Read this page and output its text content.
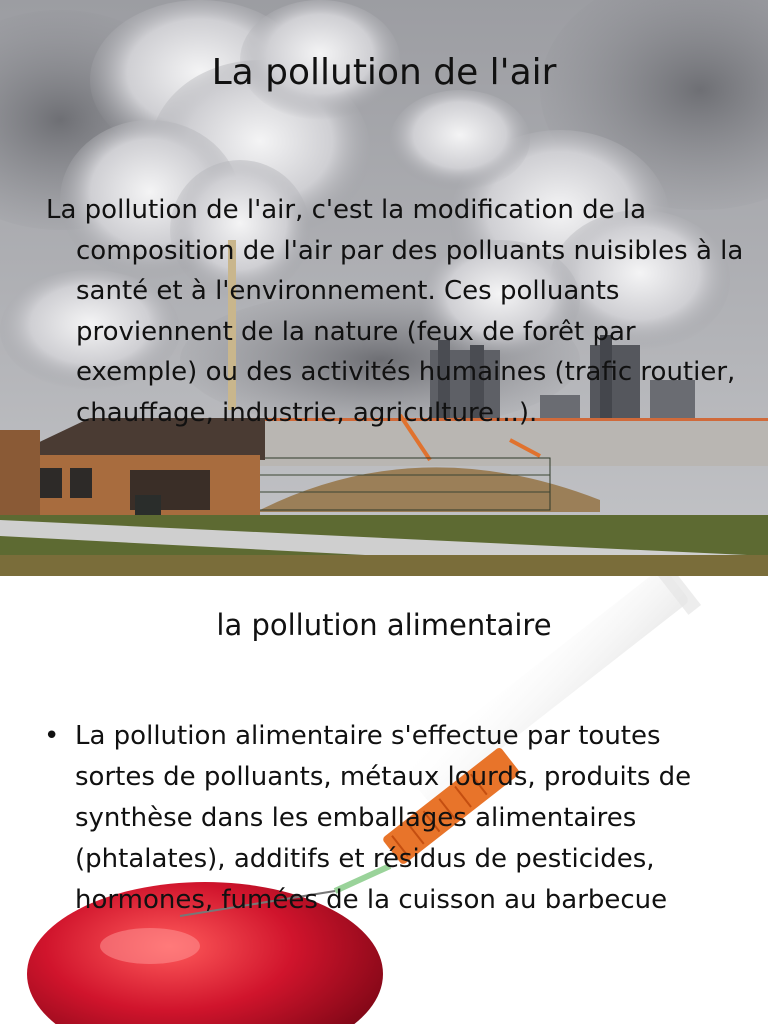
La pollution de l'air

La pollution de l'air, c'est la modification de la composition de l'air par des polluants nuisibles à la santé et à l'environnement. Ces polluants proviennent de la nature (feux de forêt par exemple) ou des activités humaines (trafic routier, chauffage, industrie, agriculture...).

la pollution alimentaire
• La pollution alimentaire s'effectue par toutes sortes de polluants, métaux lourds, produits de synthèse dans les emballages alimentaires (phtalates), additifs et résidus de pesticides, hormones, fumées de la cuisson au barbecue
